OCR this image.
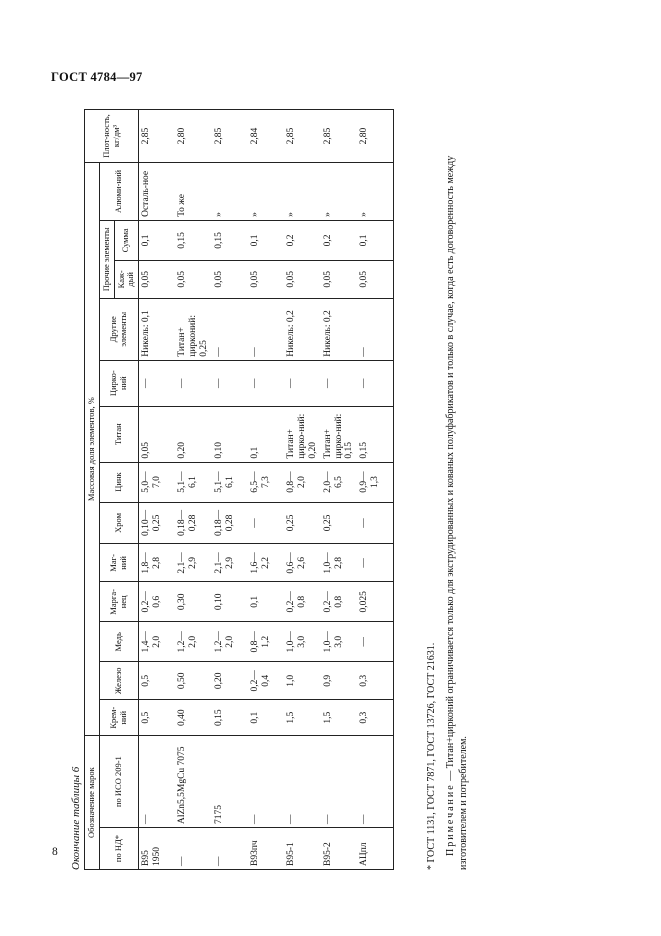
ГОСТ 4784—97
8 Окончание таблицы 6 Обозначение марок		Массовая доля элементов, %													Плот-ность, кг/дм³
по НД*	по ИСО 209-1	Крем-ний	Железо	Медь	Марга-нец	Маг-ний	Хром	Цинк	Титан	Цирко-ний	Другие элементы	Прочие элементы		Алюми-ний	
												Каж-дый	Сумма		
В95 1950	—	0,5	0,5	1,4— 2,0	0,2— 0,6	1,8— 2,8	0,10— 0,25	5,0— 7,0	0,05	—	Никель: 0,1	0,05	0,1	Осталь-ное	2,85
—	AlZn5,5MgCu 7075	0,40	0,50	1,2— 2,0	0,30	2,1— 2,9	0,18— 0,28	5,1— 6,1	0,20	—	Титан+ цирконий: 0,25	0,05	0,15	То же	2,80
—	7175	0,15	0,20	1,2— 2,0	0,10	2,1— 2,9	0,18— 0,28	5,1— 6,1	0,10	—	—	0,05	0,15	»	2,85
В93пч	—	0,1	0,2— 0,4	0,8— 1,2	0,1	1,6— 2,2	—	6,5— 7,3	0,1	—	—	0,05	0,1	»	2,84
В95-1	—	1,5	1,0	1,0— 3,0	0,2— 0,8	0,6— 2,6	0,25	0,8— 2,0	Титан+ цирко-ний: 0,20	—	Никель: 0,2	0,05	0,2	»	2,85
В95-2	—	1,5	0,9	1,0— 3,0	0,2— 0,8	1,0— 2,8	0,25	2,0— 6,5	Титан+ цирко-ний: 0,15	—	Никель: 0,2	0,05	0,2	»	2,85
АЦпл	—	0,3	0,3	—	0,025	—	—	0,9— 1,3	0,15	—	—	0,05	0,1	»	2,80

* ГОСТ 1131, ГОСТ 7871, ГОСТ 13726, ГОСТ 21631. Примечание — Титан+цирконий ограничивается только для экструдированных и кованых полуфабрикатов и только в случае, когда есть договоренность между изготовителем и потребителем.
